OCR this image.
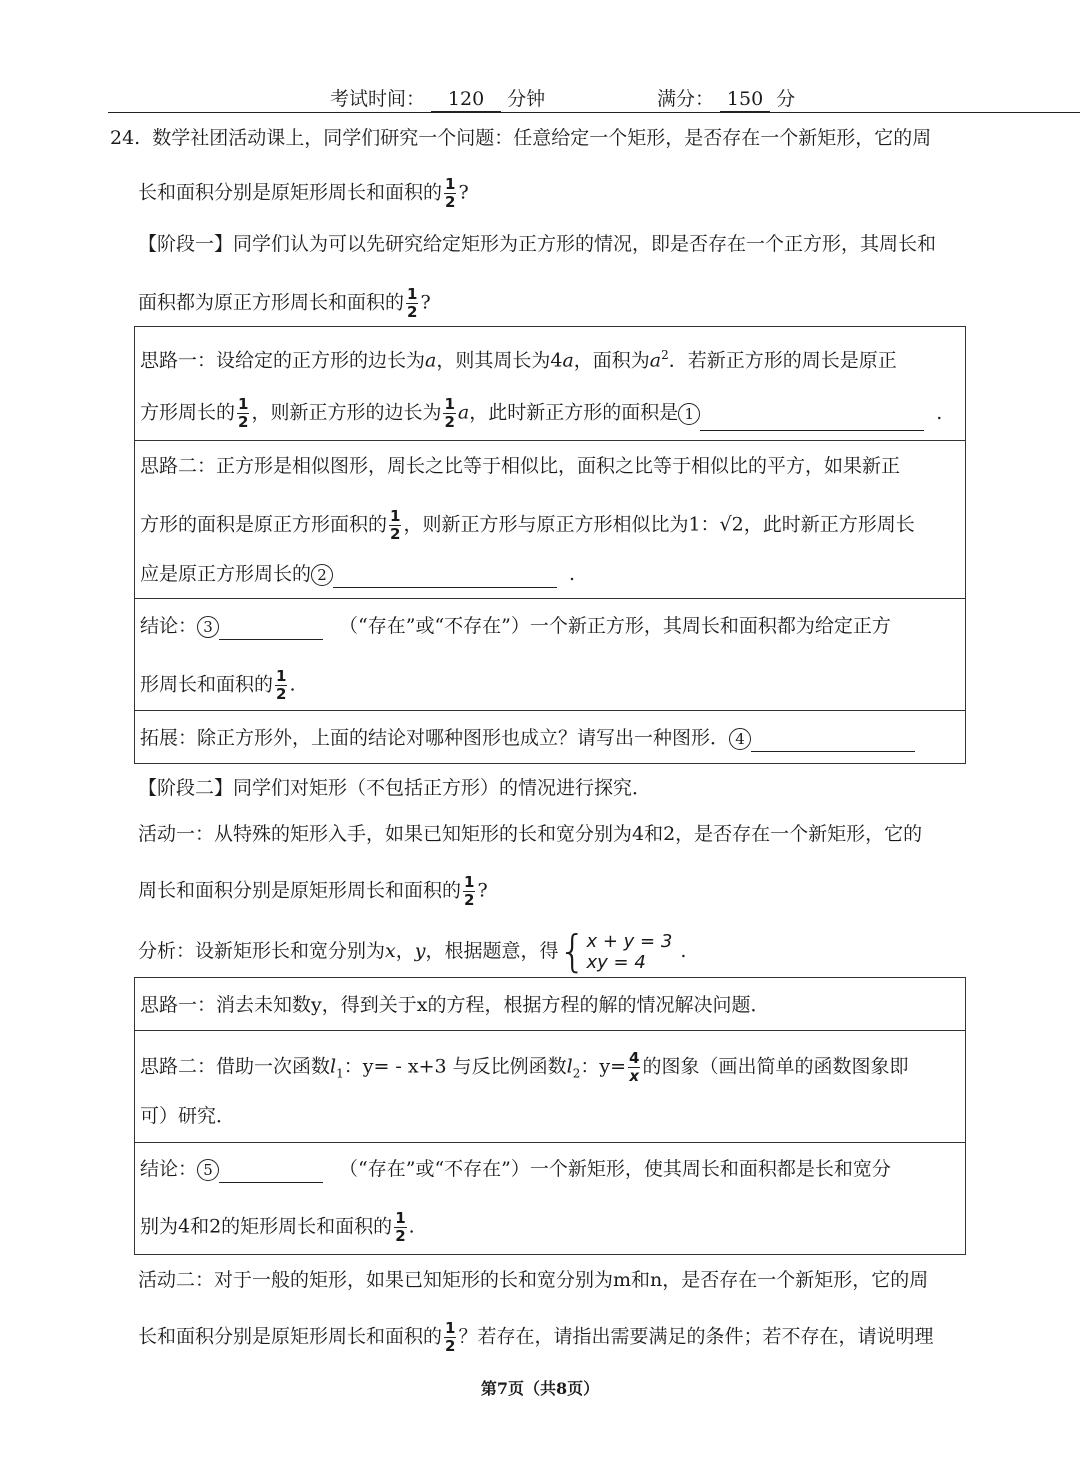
考试时间： 120 分钟	满分： 150 分
24. 数学社团活动课上，同学们研究一个问题：任意给定一个矩形，是否存在一个新矩形，它的周
长和面积分别是原矩形周长和面积的 $\frac{1}{2}$ ?
【阶段一】同学们认为可以先研究给定矩形为正方形的情况，即是否存在一个正方形，其周长和
面积都为原正方形周长和面积的 $\frac{1}{2}$ ?
思路一：设给定的正方形的边长为a，则其周长为4a，面积为$a^2$．若新正方形的周长是原正
方形周长的 $\frac{1}{2}$ ，则新正方形的边长为 $\frac{1}{2}$ a，此时新正方形的面积是 1	.
思路二：正方形是相似图形，周长之比等于相似比，面积之比等于相似比的平方，如果新正
方形的面积是原正方形面积的 $\frac{1}{2}$ ，则新正方形与原正方形相似比为1：√2，此时新正方形周长
应是原正方形周长的 2	.
结论： 3	（“存在”或“不存在”）一个新正方形，其周长和面积都为给定正方
形周长和面积的 $\frac{1}{2}$ .
拓展：除正方形外，上面的结论对哪种图形也成立？请写出一种图形． 4
【阶段二】同学们对矩形（不包括正方形）的情况进行探究．
活动一：从特殊的矩形入手，如果已知矩形的长和宽分别为4和2，是否存在一个新矩形，它的
周长和面积分别是原矩形周长和面积的 $\frac{1}{2}$ ?
分析：设新矩形长和宽分别为x，y，根据题意，得 { x + y = 3
xy = 4
.
思路一：消去未知数y，得到关于x的方程，根据方程的解的情况解决问题．
思路二：借助一次函数$l_1$：y= - x+3 与反比例函数$l_2$：$y= \frac{4}{x}$ 的图象（画出简单的函数图象即
可）研究．
结论： 5	（“存在”或“不存在”）一个新矩形，使其周长和面积都是长和宽分
别为4和2的矩形周长和面积的 $\frac{1}{2}$ .
活动二：对于一般的矩形，如果已知矩形的长和宽分别为m和n，是否存在一个新矩形，它的周
长和面积分别是原矩形周长和面积的 $\frac{1}{2}$ ？若存在，请指出需要满足的条件；若不存在，请说明理
第7页（共8页）
